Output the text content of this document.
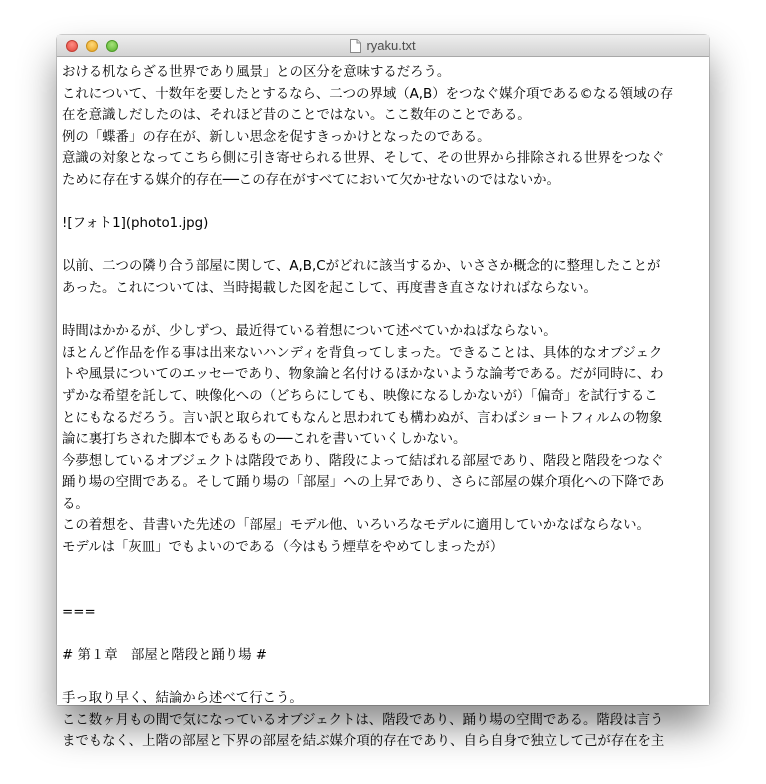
ryaku.txt
おける机ならざる世界であり風景」との区分を意味するだろう。
これについて、十数年を要したとするなら、二つの界域（A,B）をつなぐ媒介項である©なる領域の存
在を意識しだしたのは、それほど昔のことではない。ここ数年のことである。
例の「蝶番」の存在が、新しい思念を促すきっかけとなったのである。
意識の対象となってこちら側に引き寄せられる世界、そして、その世界から排除される世界をつなぐ
ために存在する媒介的存在──この存在がすべてにおいて欠かせないのではないか。
![フォト1](photo1.jpg)
以前、二つの隣り合う部屋に関して、A,B,Cがどれに該当するか、いささか概念的に整理したことが
あった。これについては、当時掲載した図を起こして、再度書き直さなければならない。
時間はかかるが、少しずつ、最近得ている着想について述べていかねばならない。
ほとんど作品を作る事は出来ないハンディを背負ってしまった。できることは、具体的なオブジェク
トや風景についてのエッセーであり、物象論と名付けるほかないような論考である。だが同時に、わ
ずかな希望を託して、映像化への（どちらにしても、映像になるしかないが）「偏奇」を試行するこ
とにもなるだろう。言い訳と取られてもなんと思われても構わぬが、言わばショートフィルムの物象
論に裏打ちされた脚本でもあるもの──これを書いていくしかない。
今夢想しているオブジェクトは階段であり、階段によって結ばれる部屋であり、階段と階段をつなぐ
踊り場の空間である。そして踊り場の「部屋」への上昇であり、さらに部屋の媒介項化への下降であ
る。
この着想を、昔書いた先述の「部屋」モデル他、いろいろなモデルに適用していかなばならない。
モデルは「灰皿」でもよいのである（今はもう煙草をやめてしまったが）
===
# 第１章　部屋と階段と踊り場 #
手っ取り早く、結論から述べて行こう。
ここ数ヶ月もの間で気になっているオブジェクトは、階段であり、踊り場の空間である。階段は言う
までもなく、上階の部屋と下界の部屋を結ぶ媒介項的存在であり、自ら自身で独立して己が存在を主
